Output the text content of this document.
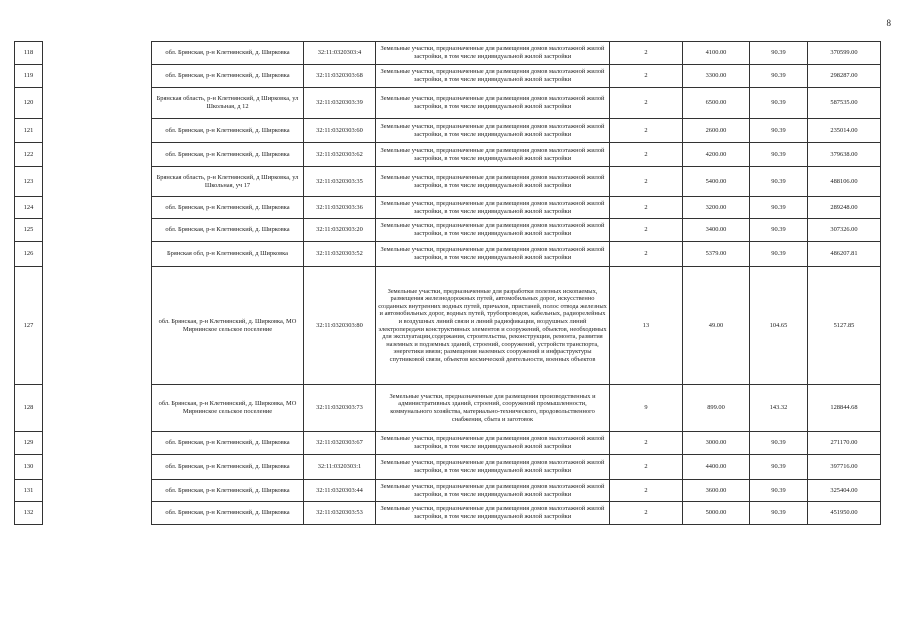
8
118		обл. Брянская, р-н Клетнянский, д. Ширковка	32:11:0320303:4	Земельные участки, предназначенные для размещения домов малоэтажной жилой застройки, в том числе индивидуальной жилой застройки	2	4100.00	90.39	370599.00
119		обл. Брянская, р-н Клетнянский, д. Ширковка	32:11:0320303:68	Земельные участки, предназначенные для размещения домов малоэтажной жилой застройки, в том числе индивидуальной жилой застройки	2	3300.00	90.39	298287.00
120		Брянская область, р-н Клетнянский, д Ширковка, ул Школьная, д 12	32:11:0320303:39	Земельные участки, предназначенные для размещения домов малоэтажной жилой застройки, в том числе индивидуальной жилой застройки	2	6500.00	90.39	587535.00
121		обл. Брянская, р-н Клетнянский, д. Ширковка	32:11:0320303:60	Земельные участки, предназначенные для размещения домов малоэтажной жилой застройки, в том числе индивидуальной жилой застройки	2	2600.00	90.39	235014.00
122		обл. Брянская, р-н Клетнянский, д. Ширковка	32:11:0320303:62	Земельные участки, предназначенные для размещения домов малоэтажной жилой застройки, в том числе индивидуальной жилой застройки	2	4200.00	90.39	379638.00
123		Брянская область, р-н Клетнянский, д Ширковка, ул Школьная, уч 17	32:11:0320303:35	Земельные участки, предназначенные для размещения домов малоэтажной жилой застройки, в том числе индивидуальной жилой застройки	2	5400.00	90.39	488106.00
124		обл. Брянская, р-н Клетнянский, д. Ширковка	32:11:0320303:36	Земельные участки, предназначенные для размещения домов малоэтажной жилой застройки, в том числе индивидуальной жилой застройки	2	3200.00	90.39	289248.00
125		обл. Брянская, р-н Клетнянский, д. Ширковка	32:11:0320303:20	Земельные участки, предназначенные для размещения домов малоэтажной жилой застройки, в том числе индивидуальной жилой застройки	2	3400.00	90.39	307326.00
126		Брянская обл, р-н Клетнянский, д Ширковка	32:11:0320303:52	Земельные участки, предназначенные для размещения домов малоэтажной жилой застройки, в том числе индивидуальной жилой застройки	2	5379.00	90.39	486207.81
127		обл. Брянская, р-н Клетнянский, д. Ширковка, МО Мирнинское сельское поселение	32:11:0320303:80	Земельные участки, предназначенные для разработки полезных ископаемых, размещения железнодорожных путей, автомобильных дорог, искусственно созданных внутренних водных путей, причалов, пристаней, полос отвода железных и автомобильных дорог, водных путей, трубопроводов, кабельных, радиорелейных и воздушных линий связи и линий радиофикации, воздушных линий электропередачи конструктивных элементов и сооружений, объектов, необходимых для эксплуатации,содержания, строительства, реконструкции, ремонта, развития наземных и подземных зданий, строений, сооружений, устройств транспорта, энергетики ивязи; размещения наземных сооружений и инфраструктуры спутниковой связи, объектов космической деятельности, военных объектов	13	49.00	104.65	5127.85
128		обл. Брянская, р-н Клетнянский, д. Ширковка, МО Мирнинское сельское поселение	32:11:0320303:73	Земельные участки, предназначенные для размещения производственных и административных зданий, строений, сооружений промышленности, коммунального хозяйства, материально-технического, продовольственного снабжения, сбыта и заготовок	9	899.00	143.32	128844.68
129		обл. Брянская, р-н Клетнянский, д. Ширковка	32:11:0320303:67	Земельные участки, предназначенные для размещения домов малоэтажной жилой застройки, в том числе индивидуальной жилой застройки	2	3000.00	90.39	271170.00
130		обл. Брянская, р-н Клетнянский, д. Ширковка	32:11:0320303:1	Земельные участки, предназначенные для размещения домов малоэтажной жилой застройки, в том числе индивидуальной жилой застройки	2	4400.00	90.39	397716.00
131		обл. Брянская, р-н Клетнянский, д. Ширковка	32:11:0320303:44	Земельные участки, предназначенные для размещения домов малоэтажной жилой застройки, в том числе индивидуальной жилой застройки	2	3600.00	90.39	325404.00
132		обл. Брянская, р-н Клетнянский, д. Ширковка	32:11:0320303:53	Земельные участки, предназначенные для размещения домов малоэтажной жилой застройки, в том числе индивидуальной жилой застройки	2	5000.00	90.39	451950.00
